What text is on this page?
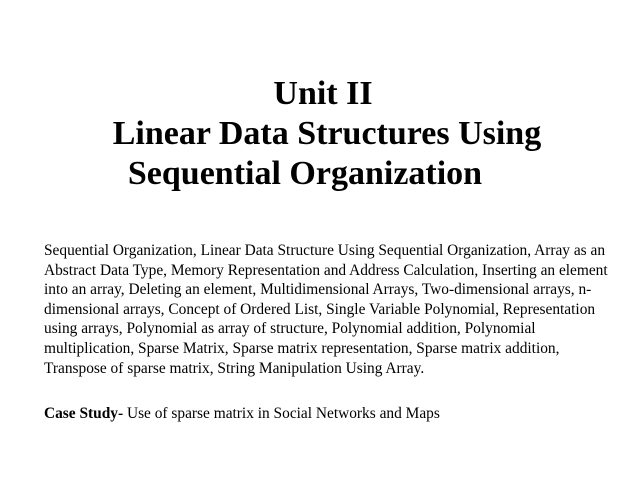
Unit II
Linear Data Structures Using
Sequential Organization
Sequential Organization, Linear Data Structure Using Sequential Organization, Array as an Abstract Data Type, Memory Representation and Address Calculation, Inserting an element into an array, Deleting an element, Multidimensional Arrays, Two-dimensional arrays, n- dimensional arrays, Concept of Ordered List, Single Variable Polynomial, Representation using arrays, Polynomial as array of structure, Polynomial addition, Polynomial multiplication, Sparse Matrix, Sparse matrix representation, Sparse matrix addition, Transpose of sparse matrix, String Manipulation Using Array.
Case Study- Use of sparse matrix in Social Networks and Maps
